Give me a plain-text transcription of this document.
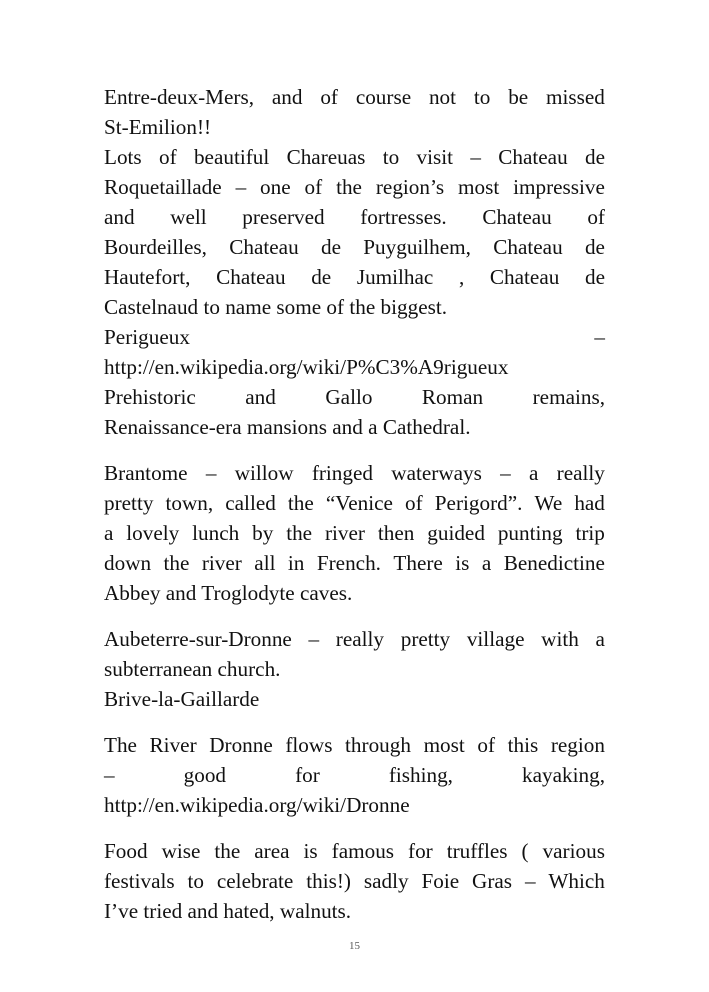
Entre-deux-Mers, and of course not to be missed
St-Emilion!!
Lots of beautiful Chareuas to visit – Chateau de
Roquetaillade – one of the region’s most impressive
and well preserved fortresses. Chateau of
Bourdeilles, Chateau de Puyguilhem, Chateau de
Hautefort, Chateau de Jumilhac , Chateau de
Castelnaud to name some of the biggest.
Perigueux	–
http://en.wikipedia.org/wiki/P%C3%A9rigueux
Prehistoric and Gallo Roman remains,
Renaissance-era mansions and a Cathedral.
Brantome – willow fringed waterways – a really
pretty town, called the “Venice of Perigord”. We had
a lovely lunch by the river then guided punting trip
down the river all in French. There is a Benedictine
Abbey and Troglodyte caves.
Aubeterre-sur-Dronne – really pretty village with a
subterranean church.
Brive-la-Gaillarde
The River Dronne flows through most of this region
–	good	for	fishing,	kayaking,
http://en.wikipedia.org/wiki/Dronne
Food wise the area is famous for truffles ( various
festivals to celebrate this!) sadly Foie Gras – Which
I’ve tried and hated, walnuts.
15
